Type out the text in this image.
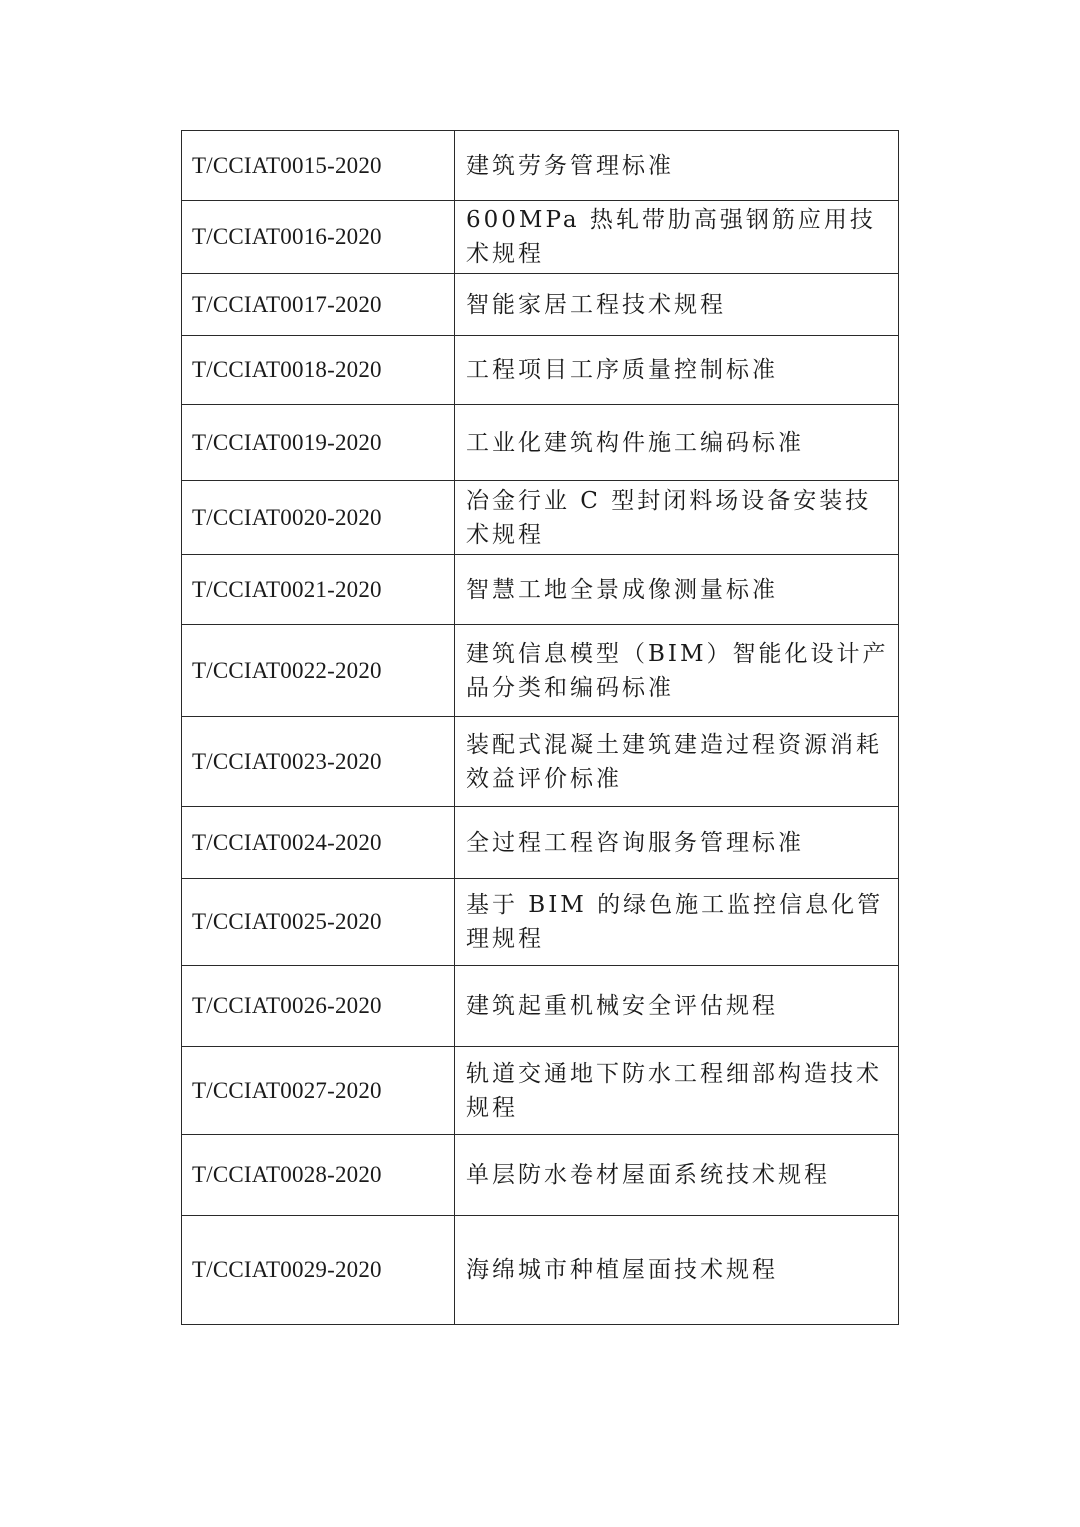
T/CCIAT0015-2020	建筑劳务管理标准
T/CCIAT0016-2020	600MPa 热轧带肋高强钢筋应用技术规程
T/CCIAT0017-2020	智能家居工程技术规程
T/CCIAT0018-2020	工程项目工序质量控制标准
T/CCIAT0019-2020	工业化建筑构件施工编码标准
T/CCIAT0020-2020	冶金行业 C 型封闭料场设备安装技术规程
T/CCIAT0021-2020	智慧工地全景成像测量标准
T/CCIAT0022-2020	建筑信息模型（BIM）智能化设计产品分类和编码标准
T/CCIAT0023-2020	装配式混凝土建筑建造过程资源消耗效益评价标准
T/CCIAT0024-2020	全过程工程咨询服务管理标准
T/CCIAT0025-2020	基于 BIM 的绿色施工监控信息化管理规程
T/CCIAT0026-2020	建筑起重机械安全评估规程
T/CCIAT0027-2020	轨道交通地下防水工程细部构造技术规程
T/CCIAT0028-2020	单层防水卷材屋面系统技术规程
T/CCIAT0029-2020	海绵城市种植屋面技术规程
